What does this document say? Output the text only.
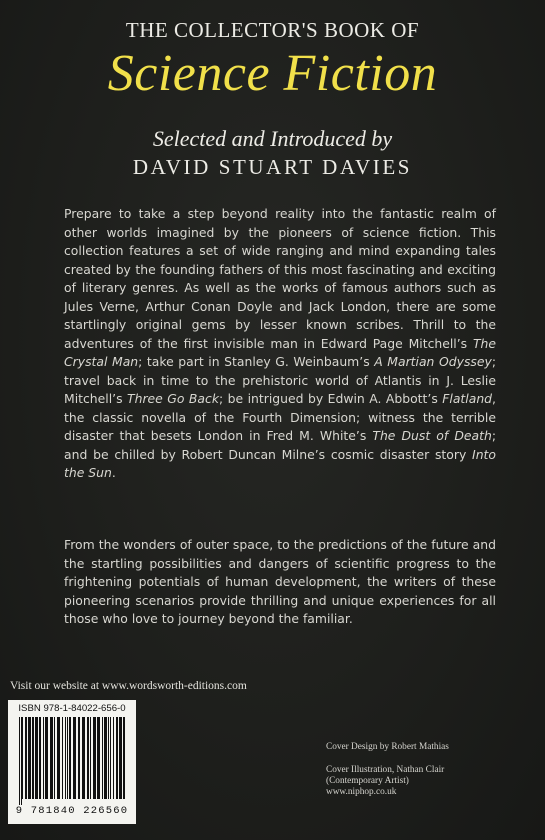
THE COLLECTOR'S BOOK OF
Science Fiction
Selected and Introduced by
DAVID STUART DAVIES

Prepare to take a step beyond reality into the fantastic realm of other worlds imagined by the pioneers of science fiction. This collection features a set of wide ranging and mind expanding tales created by the founding fathers of this most fascinating and exciting of literary genres. As well as the works of famous authors such as Jules Verne, Arthur Conan Doyle and Jack London, there are some startlingly original gems by lesser known scribes. Thrill to the adventures of the first invisible man in Edward Page Mitchell’s The Crystal Man; take part in Stanley G. Weinbaum’s A Martian Odyssey; travel back in time to the prehistoric world of Atlantis in J. Leslie Mitchell’s Three Go Back; be intrigued by Edwin A. Abbott’s Flatland, the classic novella of the Fourth Dimension; witness the terrible disaster that besets London in Fred M. White’s The Dust of Death; and be chilled by Robert Duncan Milne’s cosmic disaster story Into the Sun.

From the wonders of outer space, to the predictions of the future and the startling possibilities and dangers of scientific progress to the frightening potentials of human development, the writers of these pioneering scenarios provide thrilling and unique experiences for all those who love to journey beyond the familiar.

Visit our website at www.wordsworth-editions.com
ISBN 978-1-84022-656-0
9 781840 226560
Cover Design by Robert Mathias
Cover Illustration, Nathan Clair
(Contemporary Artist)
www.niphop.co.uk
